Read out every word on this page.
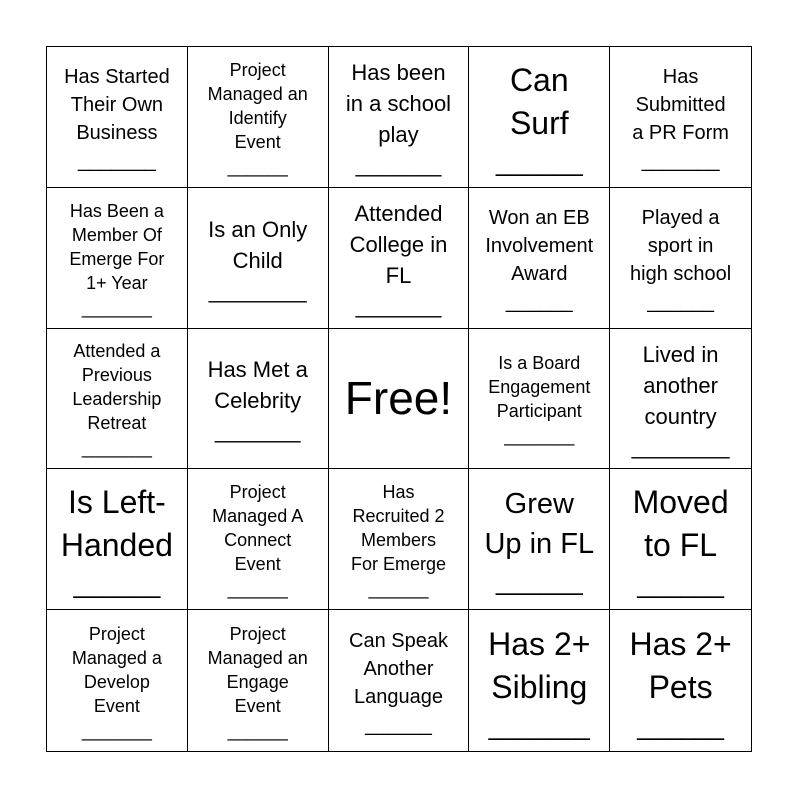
Has Started
Their Own
Business
_______
Project
Managed an
Identify
Event
______
Has been
in a school
play
_______
Can
Surf
______
Has
Submitted
a PR Form
_______
Has Been a
Member Of
Emerge For
1+ Year
_______
Is an Only
Child
________
Attended
College in
FL
_______
Won an EB
Involvement
Award
______
Played a
sport in
high school
______
Attended a
Previous
Leadership
Retreat
_______
Has Met a
Celebrity
_______
Free!
Is a Board
Engagement
Participant
_______
Lived in
another
country
________
Is Left-
Handed
______
Project
Managed A
Connect
Event
______
Has
Recruited 2
Members
For Emerge
______
Grew
Up in FL
______
Moved
to FL
______
Project
Managed a
Develop
Event
_______
Project
Managed an
Engage
Event
______
Can Speak
Another
Language
______
Has 2+
Sibling
_______
Has 2+
Pets
______
